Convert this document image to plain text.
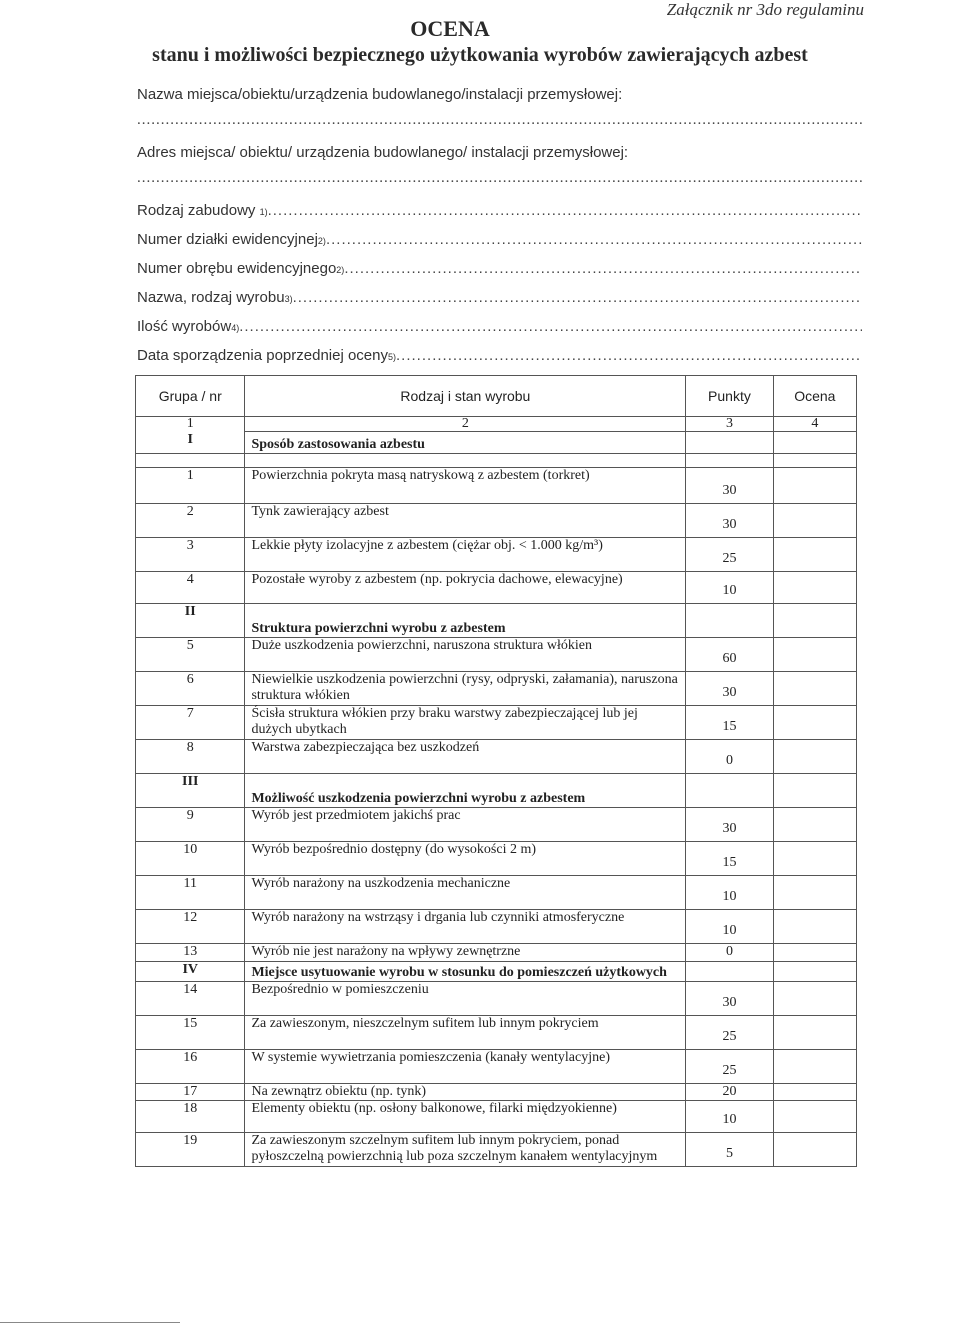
Załącznik nr 3do regulaminu
OCENA
stanu i możliwości bezpiecznego użytkowania wyrobów zawierających azbest
Nazwa miejsca/obiektu/urządzenia budowlanego/instalacji przemysłowej:
.....
Adres miejsca/ obiektu/ urządzenia budowlanego/ instalacji przemysłowej:
.....
Rodzaj zabudowy
1)
.....
Numer działki ewidencyjnej 2)
.....
Numer obrębu ewidencyjnego 2)
.....
Nazwa, rodzaj wyrobu 3)
.....
Ilość wyrobów 4)
.....
Data sporządzenia poprzedniej oceny 5)
.....
Grupa / nr	Rodzaj i stan wyrobu	Punkty	Ocena
1	2	3	4
I	Sposób zastosowania azbestu		

1	Powierzchnia pokryta masą natryskową z azbestem (torkret)	30	
2	Tynk zawierający azbest	30	
3	Lekkie płyty izolacyjne z azbestem (ciężar obj. < 1.000 kg/m³)	25	
4	Pozostałe wyroby z azbestem (np. pokrycia dachowe, elewacyjne)	10	
II	Struktura powierzchni wyrobu z azbestem		
5	Duże uszkodzenia powierzchni, naruszona struktura włókien	60	
6	Niewielkie uszkodzenia powierzchni (rysy, odpryski, załamania), naruszona struktura włókien	30	
7	Ścisła struktura włókien przy braku warstwy zabezpieczającej lub jej dużych ubytkach	15	
8	Warstwa zabezpieczająca bez uszkodzeń	0	
III	Możliwość uszkodzenia powierzchni wyrobu z azbestem		
9	Wyrób jest przedmiotem jakichś prac	30	
10	Wyrób bezpośrednio dostępny (do wysokości 2 m)	15	
11	Wyrób narażony na uszkodzenia mechaniczne	10	
12	Wyrób narażony na wstrząsy i drgania lub czynniki atmosferyczne	10	
13	Wyrób nie jest narażony na wpływy zewnętrzne	0	
IV	Miejsce usytuowanie wyrobu w stosunku do pomieszczeń użytkowych		
14	Bezpośrednio w pomieszczeniu	30	
15	Za zawieszonym, nieszczelnym sufitem lub innym pokryciem	25	
16	W systemie wywietrzania pomieszczenia (kanały wentylacyjne)	25	
17	Na zewnątrz obiektu (np. tynk)	20	
18	Elementy obiektu (np. osłony balkonowe, filarki międzyokienne)	10	
19	Za zawieszonym szczelnym sufitem lub innym pokryciem, ponad pyłoszczelną powierzchnią lub poza szczelnym kanałem wentylacyjnym	5	
